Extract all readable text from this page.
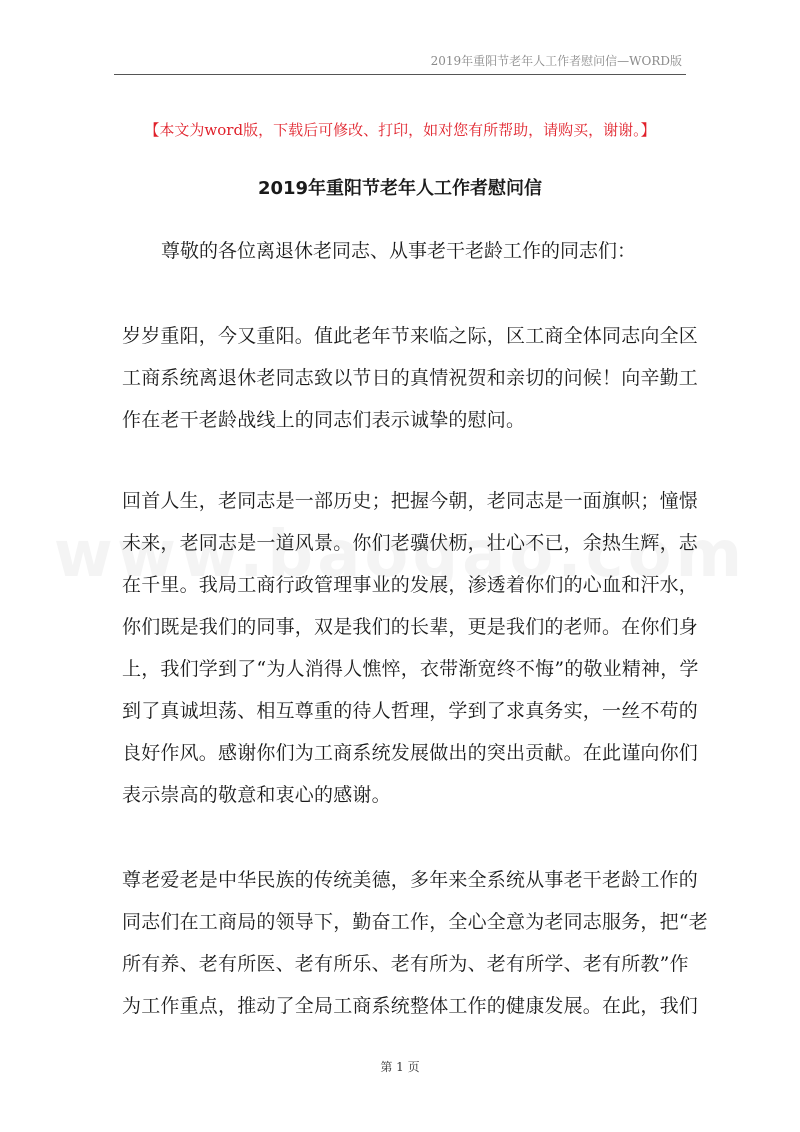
2019年重阳节老年人工作者慰问信—WORD版
【本文为word版，下载后可修改、打印，如对您有所帮助，请购买，谢谢。】
2019年重阳节老年人工作者慰问信
尊敬的各位离退休老同志、从事老干老龄工作的同志们：
岁岁重阳，今又重阳。值此老年节来临之际，区工商全体同志向全区
工商系统离退休老同志致以节日的真情祝贺和亲切的问候！向辛勤工
作在老干老龄战线上的同志们表示诚挚的慰问。
回首人生，老同志是一部历史；把握今朝，老同志是一面旗帜；憧憬
未来，老同志是一道风景。你们老骥伏枥，壮心不已，余热生辉，志
在千里。我局工商行政管理事业的发展，渗透着你们的心血和汗水，
你们既是我们的同事，双是我们的长辈，更是我们的老师。在你们身
上，我们学到了“为人消得人憔悴，衣带渐宽终不悔”的敬业精神，学
到了真诚坦荡、相互尊重的待人哲理，学到了求真务实，一丝不苟的
良好作风。感谢你们为工商系统发展做出的突出贡献。在此谨向你们
表示崇高的敬意和衷心的感谢。
尊老爱老是中华民族的传统美德，多年来全系统从事老干老龄工作的
同志们在工商局的领导下，勤奋工作，全心全意为老同志服务，把“老
所有养、老有所医、老有所乐、老有所为、老有所学、老有所教”作
为工作重点，推动了全局工商系统整体工作的健康发展。在此，我们
第 1 页
